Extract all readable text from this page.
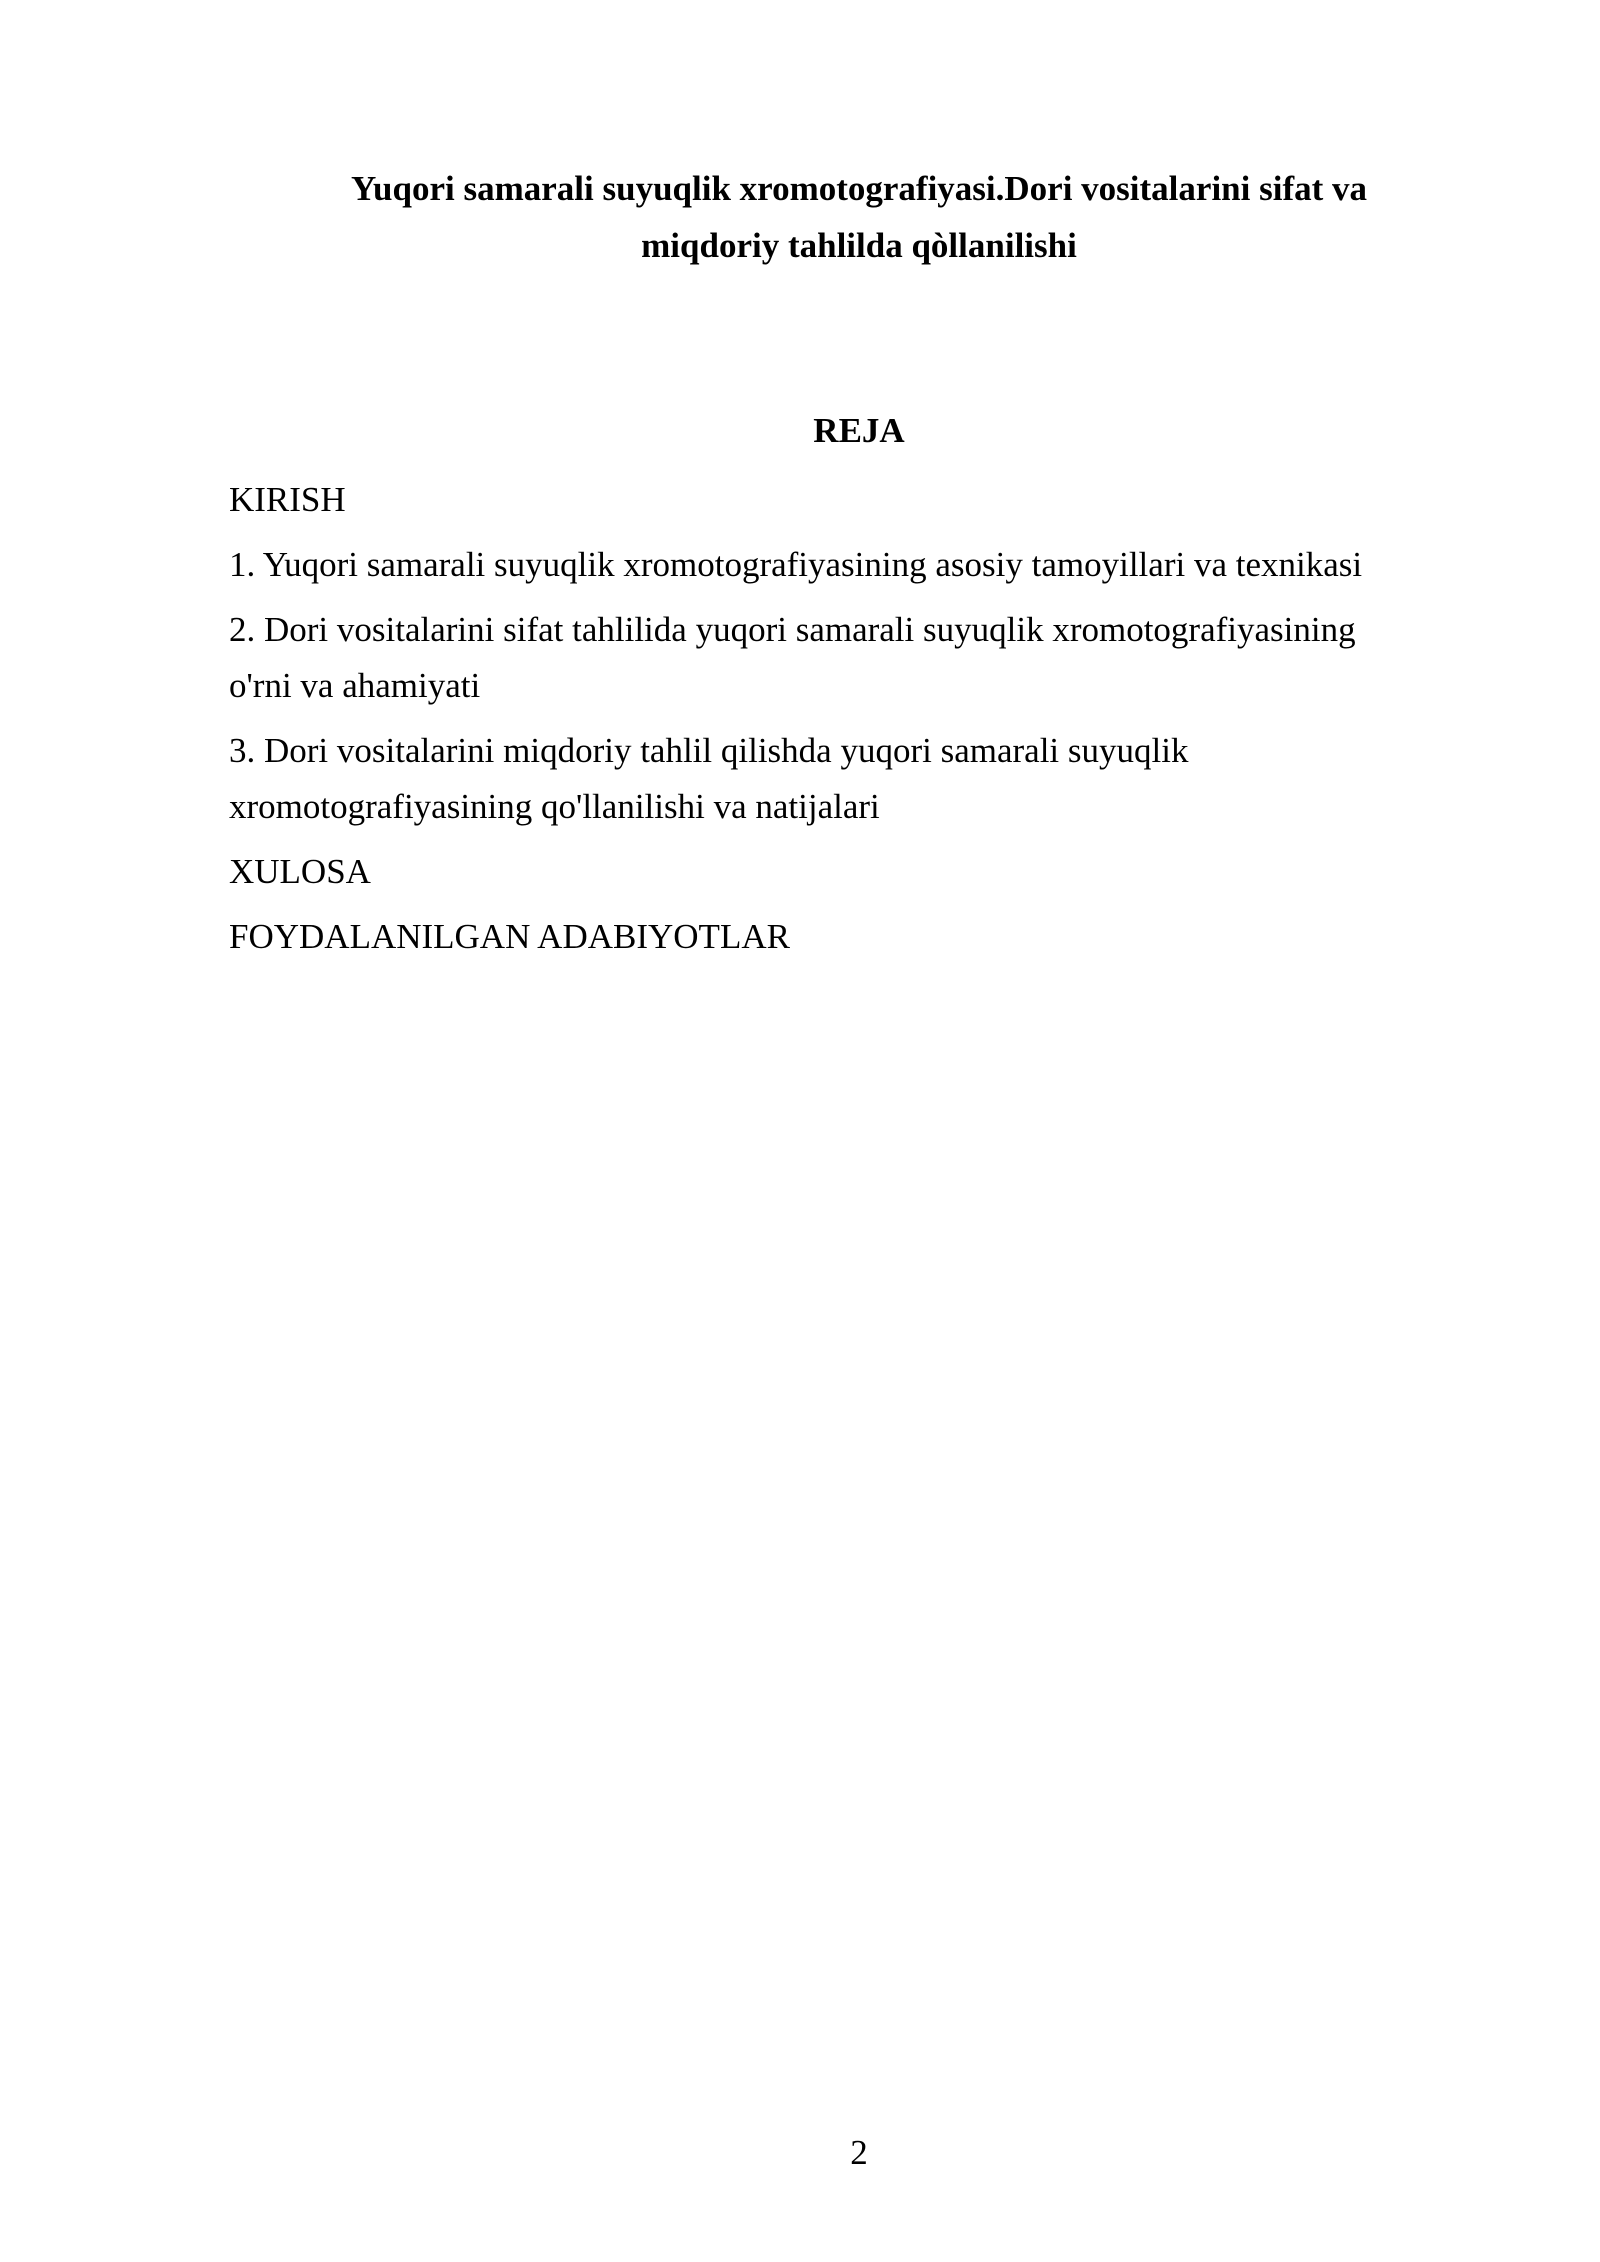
Yuqori samarali suyuqlik xromotografiyasi.Dori vositalarini sifat va
miqdoriy tahlilda qòllanilishi
REJA
KIRISH
1. Yuqori samarali suyuqlik xromotografiyasining asosiy tamoyillari va texnikasi
2. Dori vositalarini sifat tahlilida yuqori samarali suyuqlik xromotografiyasining
o'rni va ahamiyati
3. Dori vositalarini miqdoriy tahlil qilishda yuqori samarali suyuqlik
xromotografiyasining qo'llanilishi va natijalari
XULOSA
FOYDALANILGAN ADABIYOTLAR
2
